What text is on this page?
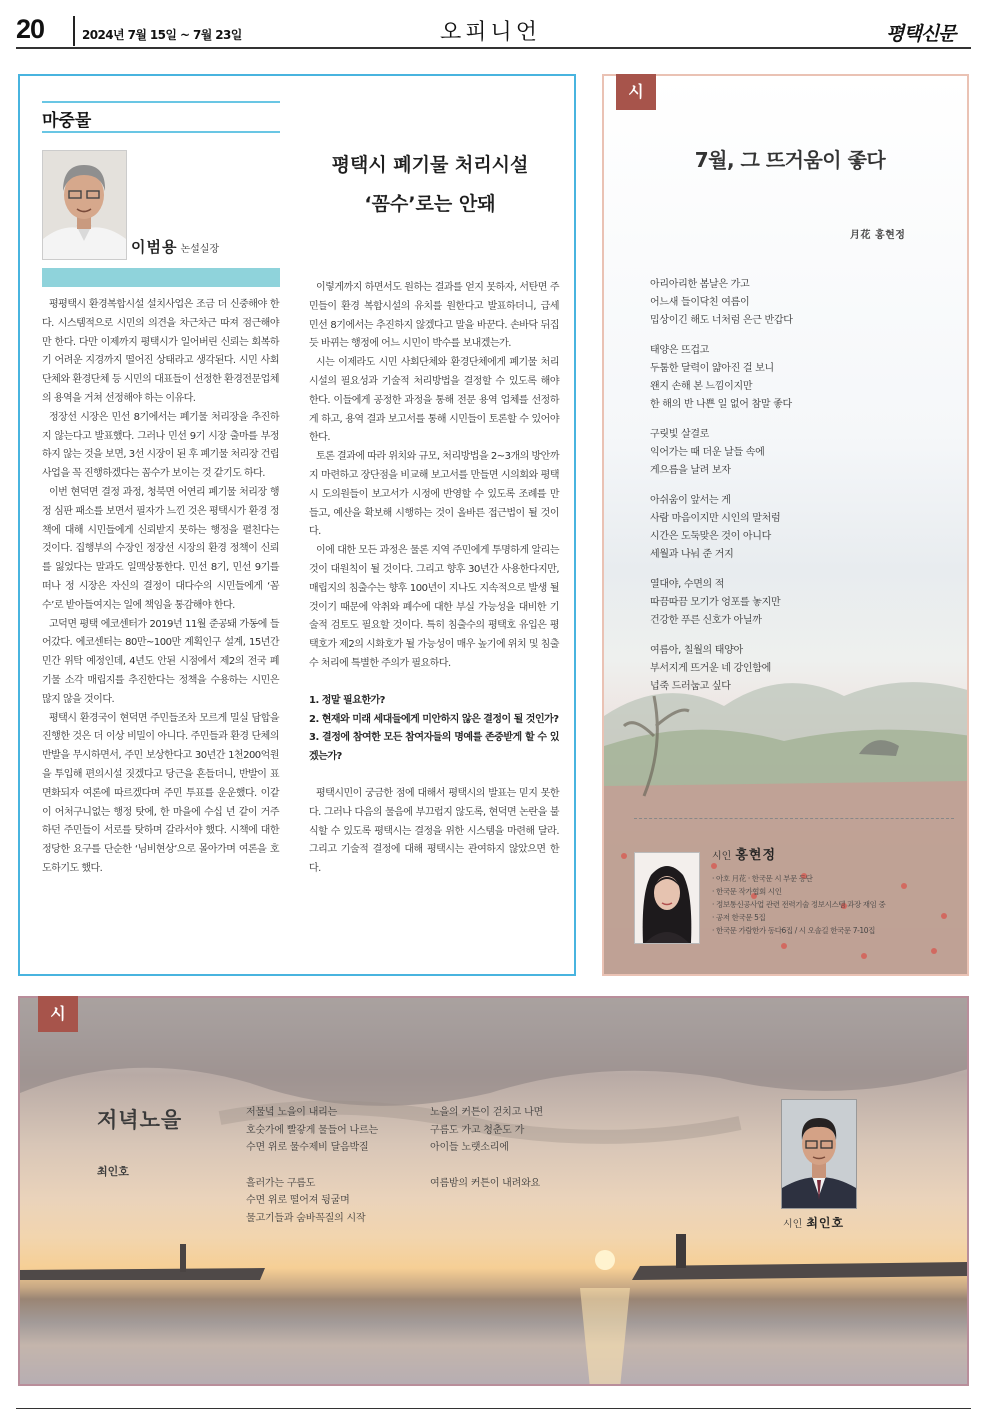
20	2024년 7월 15일 ~ 7월 23일	오피니언	평택신문
마중물
이범용 논설실장
평택시 폐기물 처리시설
‘꼼수’로는 안돼

평평택시 환경복합시설 설치사업은 조금 더 신중해야 한다. 시스템적으로 시민의 의견을 차근차근 따져 점근해야만 한다. 다만 이제까지 평택시가 일어버린 신뢰는 회복하기 어려운 지경까지 떨어진 상태라고 생각된다. 시민 사회단체와 환경단체 등 시민의 대표들이 선정한 환경전문업체의 용역을 거쳐 선정해야 하는 이유다.

정장선 시장은 민선 8기에서는 폐기물 처리장을 추진하지 않는다고 발표했다. 그러나 민선 9기 시장 출마를 부정하지 않는 것을 보면, 3선 시장이 된 후 폐기물 처리장 건립사업을 꼭 진행하겠다는 꼼수가 보이는 것 같기도 하다.

이번 현덕면 결정 과정, 청북면 어연리 폐기물 처리장 행정 심판 패소를 보면서 필자가 느낀 것은 평택시가 환경 정책에 대해 시민들에게 신뢰받지 못하는 행정을 펼친다는 것이다. 집행부의 수장인 정장선 시장의 환경 정책이 신뢰를 잃었다는 말과도 일맥상통한다. 민선 8기, 민선 9기를 떠나 정 시장은 자신의 결정이 대다수의 시민들에게 ‘꼼수’로 받아들여지는 일에 책임을 통감해야 한다.

고덕면 평택 에코센터가 2019년 11월 준공돼 가동에 들어갔다. 에코센터는 80만~100만 계획인구 설계, 15년간 민간 위탁 예정인데, 4년도 안된 시점에서 제2의 전국 폐기물 소각 매립지를 추진한다는 정책을 수용하는 시민은 많지 않을 것이다.

평택시 환경국이 현덕면 주민들조차 모르게 밀실 담합을 진행한 것은 더 이상 비밀이 아니다. 주민들과 환경 단체의 반발을 무시하면서, 주민 보상한다고 30년간 1천200억원을 투입해 편의시설 짓겠다고 당근을 흔들더니, 반발이 표면화되자 여론에 따르겠다며 주민 투표를 운운했다. 이같이 어처구니없는 행정 탓에, 한 마을에 수십 년 같이 거주하던 주민들이 서로를 탓하며 갈라서야 했다. 시책에 대한 정당한 요구를 단순한 ‘님비현상’으로 몰아가며 여론을 호도하기도 했다.

이렇게까지 하면서도 원하는 결과를 얻지 못하자, 서탄면 주민들이 환경 복합시설의 유치를 원한다고 발표하더니, 급세 민선 8기에서는 추진하지 않겠다고 말을 바꾼다. 손바닥 뒤집듯 바뀌는 행정에 어느 시민이 박수를 보내겠는가.

시는 이제라도 시민 사회단체와 환경단체에게 폐기물 처리시설의 필요성과 기술적 처리방법을 결정할 수 있도록 해야 한다. 이들에게 공정한 과정을 통해 전문 용역 업체를 선정하게 하고, 용역 결과 보고서를 통해 시민들이 토론할 수 있어야 한다.

토론 결과에 따라 위치와 규모, 처리방법을 2~3개의 방안까지 마련하고 장단점을 비교해 보고서를 만들면 시의회와 평택시 도의원들이 보고서가 시정에 반영할 수 있도록 조례를 만들고, 예산을 확보해 시행하는 것이 올바른 접근법이 될 것이다.

이에 대한 모든 과정은 물론 지역 주민에게 투명하게 알리는 것이 대원칙이 될 것이다. 그리고 향후 30년간 사용한다지만, 매립지의 침출수는 향후 100년이 지나도 지속적으로 발생 될 것이기 때문에 악취와 폐수에 대한 부실 가능성을 대비한 기술적 검토도 필요할 것이다. 특히 침출수의 평택호 유입은 평택호가 제2의 시화호가 될 가능성이 매우 높기에 위치 및 침출수 처리에 특별한 주의가 필요하다.

1. 정말 필요한가?

2. 현재와 미래 세대들에게 미안하지 않은 결정이 될 것인가?

3. 결정에 참여한 모든 참여자들의 명예를 존중받게 할 수 있겠는가?

평택시민이 궁금한 점에 대해서 평택시의 발표는 믿지 못한다. 그러나 다음의 물음에 부끄럽지 않도록, 현덕면 논란을 불식할 수 있도록 평택시는 결정을 위한 시스템을 마련해 달라. 그리고 기술적 결정에 대해 평택시는 관여하지 않았으면 한다.

시
7월, 그 뜨거움이 좋다
月花 홍현정
아리아리한 봄날은 가고
어느새 들이닥친 여름이
밉상이긴 해도 너처럼 은근 반갑다
태양은 뜨겁고
두툼한 달력이 얇아진 걸 보니
왠지 손해 본 느낌이지만
한 해의 반 나쁜 일 없어 참말 좋다
구릿빛 살결로
익어가는 때 더운 날들 속에
게으름을 날려 보자
아쉬움이 앞서는 게
사람 마음이지만 시인의 말처럼
시간은 도둑맞은 것이 아니다
세월과 나눠 준 거지
열대야, 수면의 적
따끔따끔 모기가 엉포를 놓지만
건강한 푸른 신호가 아닐까
여름아, 칠월의 태양아
부서지게 뜨거운 네 강인함에
넙죽 드러눕고 싶다
시인 홍현정
· 아호 月花 · 한국문 시 부문 등단
· 한국문 작가협회 시인
· 정보통신공사업 관련 전력기술 정보시스템 과장 재임 중
· 공저 한국문 5집
· 한국문 가람한가 동다6집 / 시 오솔길 한국문 7-10집
시
저녁노을
최인호
저물녘 노을이 내리는
호숫가에 빨갛게 물들어 나르는
수면 위로 물수제비 달음박질
흘러가는 구름도
수면 위로 떨어져 뒹굴며
물고기들과 숨바꼭질의 시작
노을의 커튼이 걷치고 나면
구름도 가고 청춘도 가
아이들 노랫소리에
여름밤의 커튼이 내려와요
시인 최인호
